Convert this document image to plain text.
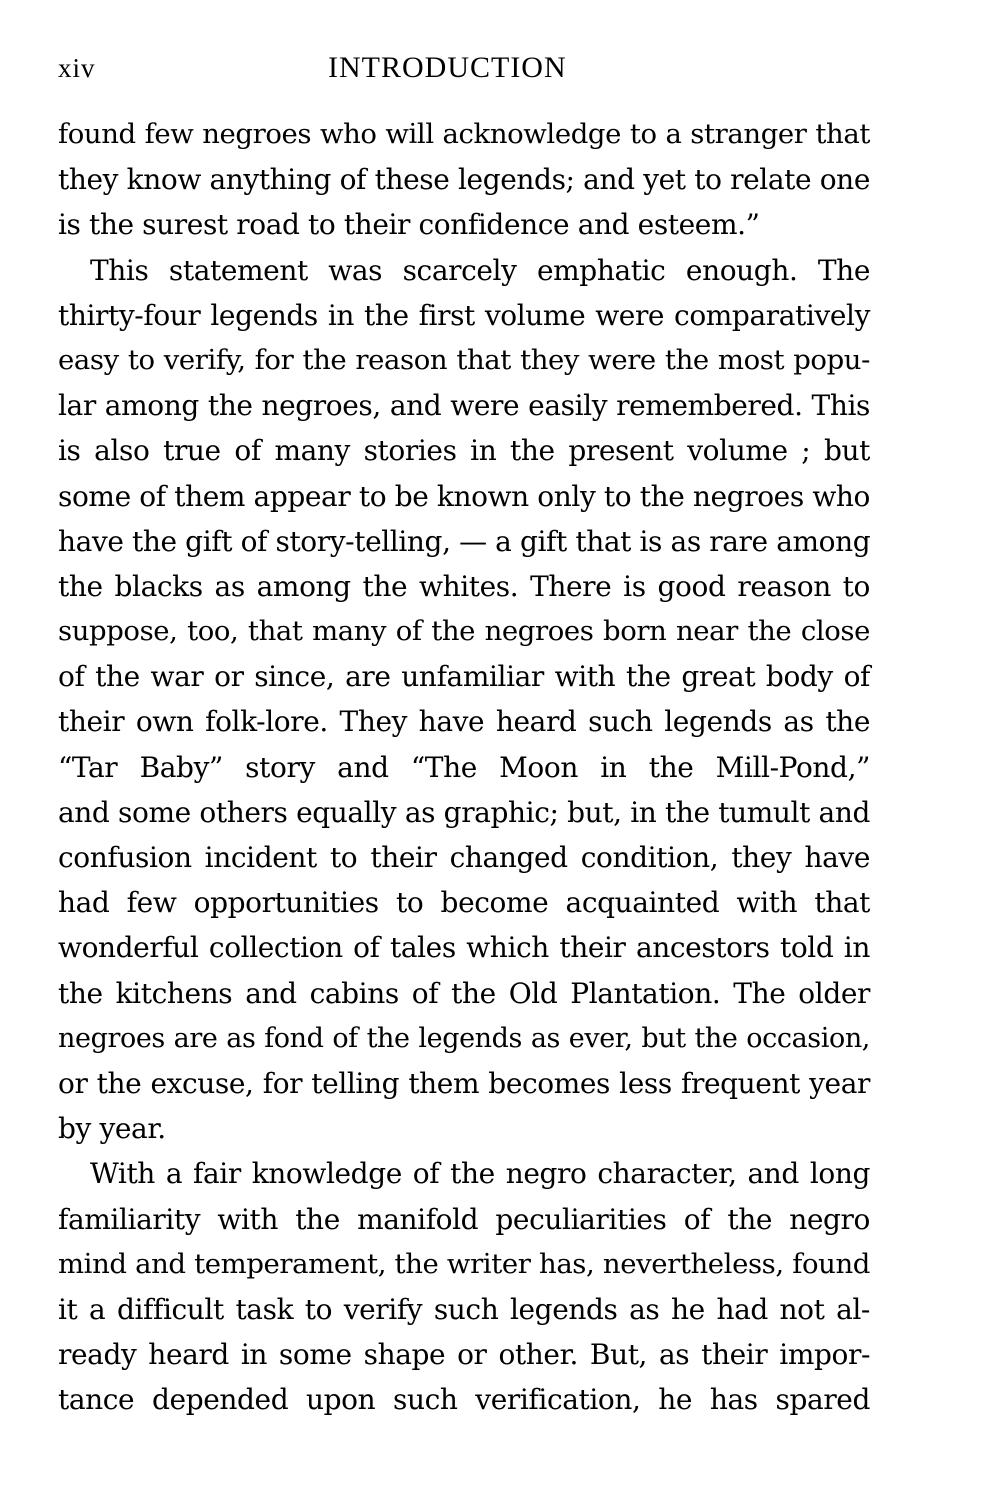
xiv	INTRODUCTION
found few negroes who will acknowledge to a stranger that
they know anything of these legends; and yet to relate one
is the surest road to their confidence and esteem.”
This statement was scarcely emphatic enough. The
thirty-four legends in the first volume were comparatively
easy to verify, for the reason that they were the most popu-
lar among the negroes, and were easily remembered. This
is also true of many stories in the present volume ; but
some of them appear to be known only to the negroes who
have the gift of story-telling, — a gift that is as rare among
the blacks as among the whites. There is good reason to
suppose, too, that many of the negroes born near the close
of the war or since, are unfamiliar with the great body of
their own folk-lore. They have heard such legends as the
“Tar Baby” story and “The Moon in the Mill-Pond,”
and some others equally as graphic; but, in the tumult and
confusion incident to their changed condition, they have
had few opportunities to become acquainted with that
wonderful collection of tales which their ancestors told in
the kitchens and cabins of the Old Plantation. The older
negroes are as fond of the legends as ever, but the occasion,
or the excuse, for telling them becomes less frequent year
by year.
With a fair knowledge of the negro character, and long
familiarity with the manifold peculiarities of the negro
mind and temperament, the writer has, nevertheless, found
it a difficult task to verify such legends as he had not al-
ready heard in some shape or other. But, as their impor-
tance depended upon such verification, he has spared
